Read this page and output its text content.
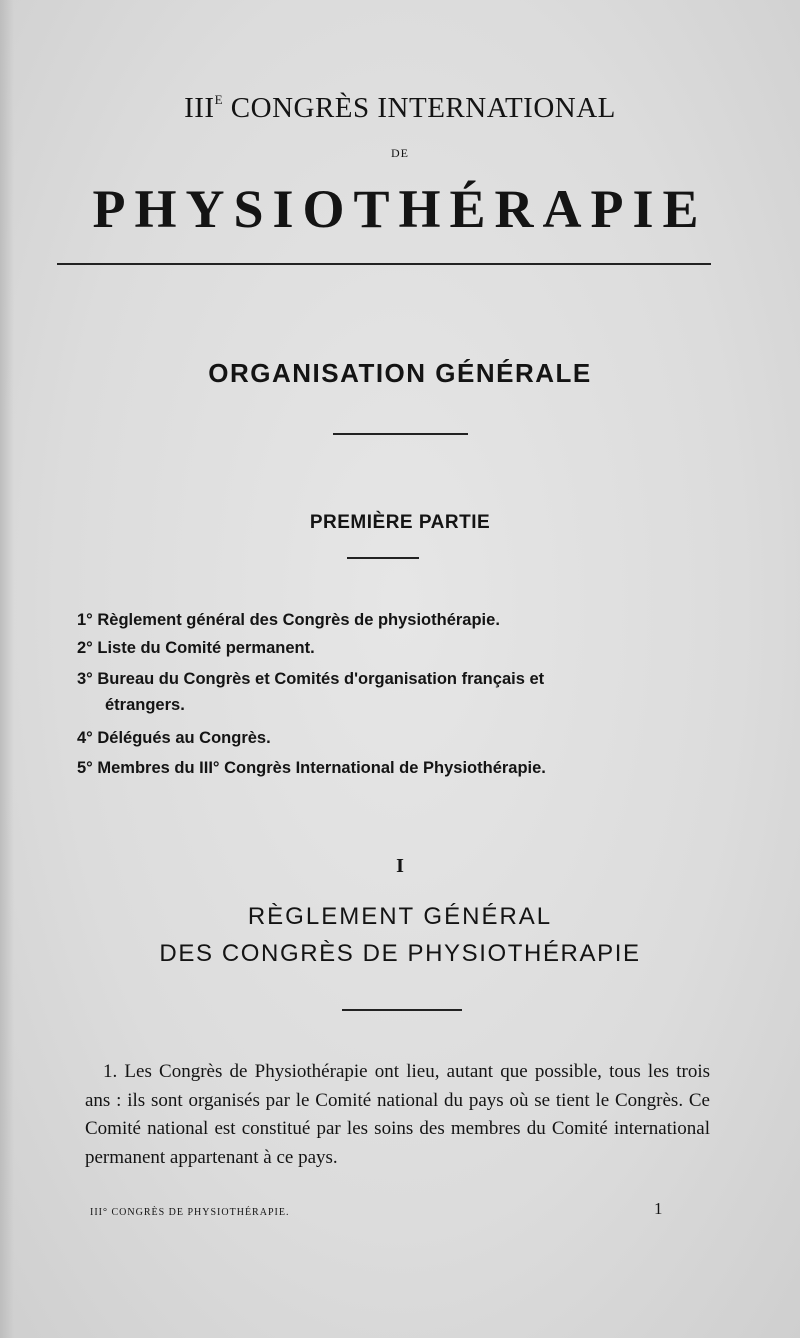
$III^E$ CONGRÈS INTERNATIONAL
DE
PHYSIOTHÉRAPIE
ORGANISATION GÉNÉRALE
PREMIÈRE PARTIE
1° Règlement général des Congrès de physiothérapie.
2° Liste du Comité permanent.
3° Bureau du Congrès et Comités d'organisation français et
étrangers.
4° Délégués au Congrès.
5° Membres du III° Congrès International de Physiothérapie.
I
RÈGLEMENT GÉNÉRAL
DES CONGRÈS DE PHYSIOTHÉRAPIE
1. Les Congrès de Physiothérapie ont lieu, autant que possible, tous les trois ans : ils sont organisés par le Comité national du pays où se tient le Congrès. Ce Comité national est constitué par les soins des membres du Comité international permanent appartenant à ce pays.
III° CONGRÈS DE PHYSIOTHÉRAPIE.	1
